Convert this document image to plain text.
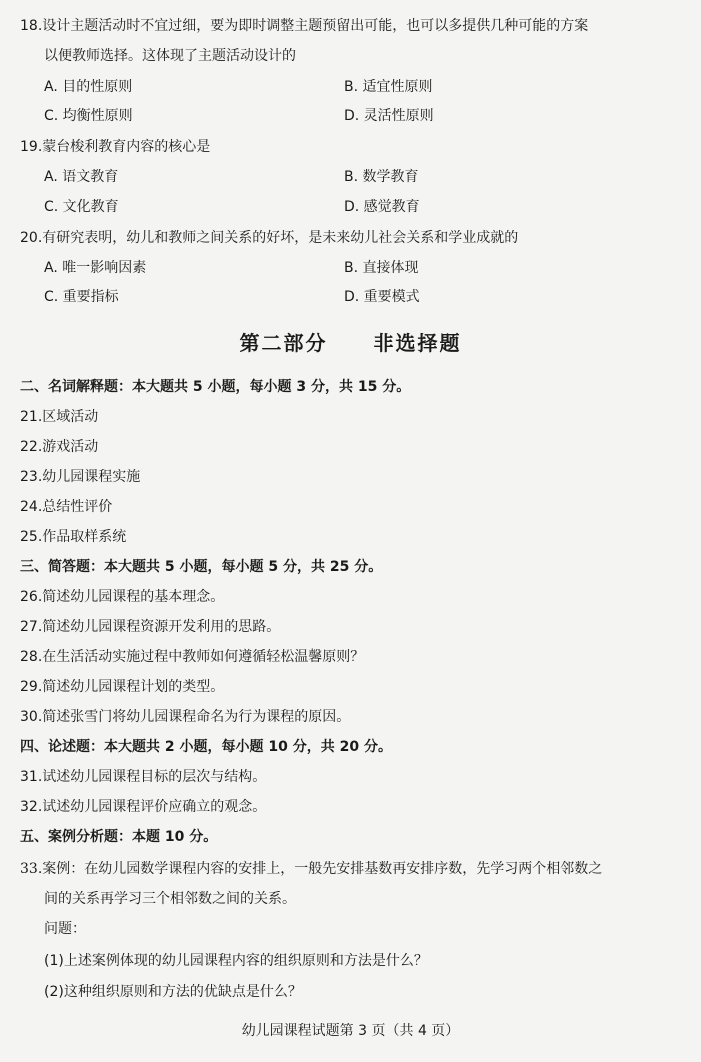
18.设计主题活动时不宜过细，要为即时调整主题预留出可能，也可以多提供几种可能的方案
以便教师选择。这体现了主题活动设计的
A. 目的性原则	B. 适宜性原则
C. 均衡性原则	D. 灵活性原则
19.蒙台梭利教育内容的核心是
A. 语文教育	B. 数学教育
C. 文化教育	D. 感觉教育
20.有研究表明，幼儿和教师之间关系的好坏，是未来幼儿社会关系和学业成就的
A. 唯一影响因素	B. 直接体现
C. 重要指标	D. 重要模式
第二部分 非选择题
二、名词解释题：本大题共 5 小题，每小题 3 分，共 15 分。
21.区域活动
22.游戏活动
23.幼儿园课程实施
24.总结性评价
25.作品取样系统
三、简答题：本大题共 5 小题，每小题 5 分，共 25 分。
26.简述幼儿园课程的基本理念。
27.简述幼儿园课程资源开发利用的思路。
28.在生活活动实施过程中教师如何遵循轻松温馨原则？
29.简述幼儿园课程计划的类型。
30.简述张雪门将幼儿园课程命名为行为课程的原因。
四、论述题：本大题共 2 小题，每小题 10 分，共 20 分。
31.试述幼儿园课程目标的层次与结构。
32.试述幼儿园课程评价应确立的观念。
五、案例分析题：本题 10 分。
33.案例：在幼儿园数学课程内容的安排上，一般先安排基数再安排序数，先学习两个相邻数之
间的关系再学习三个相邻数之间的关系。
问题：
(1)上述案例体现的幼儿园课程内容的组织原则和方法是什么？
(2)这种组织原则和方法的优缺点是什么？
幼儿园课程试题第 3 页（共 4 页）
